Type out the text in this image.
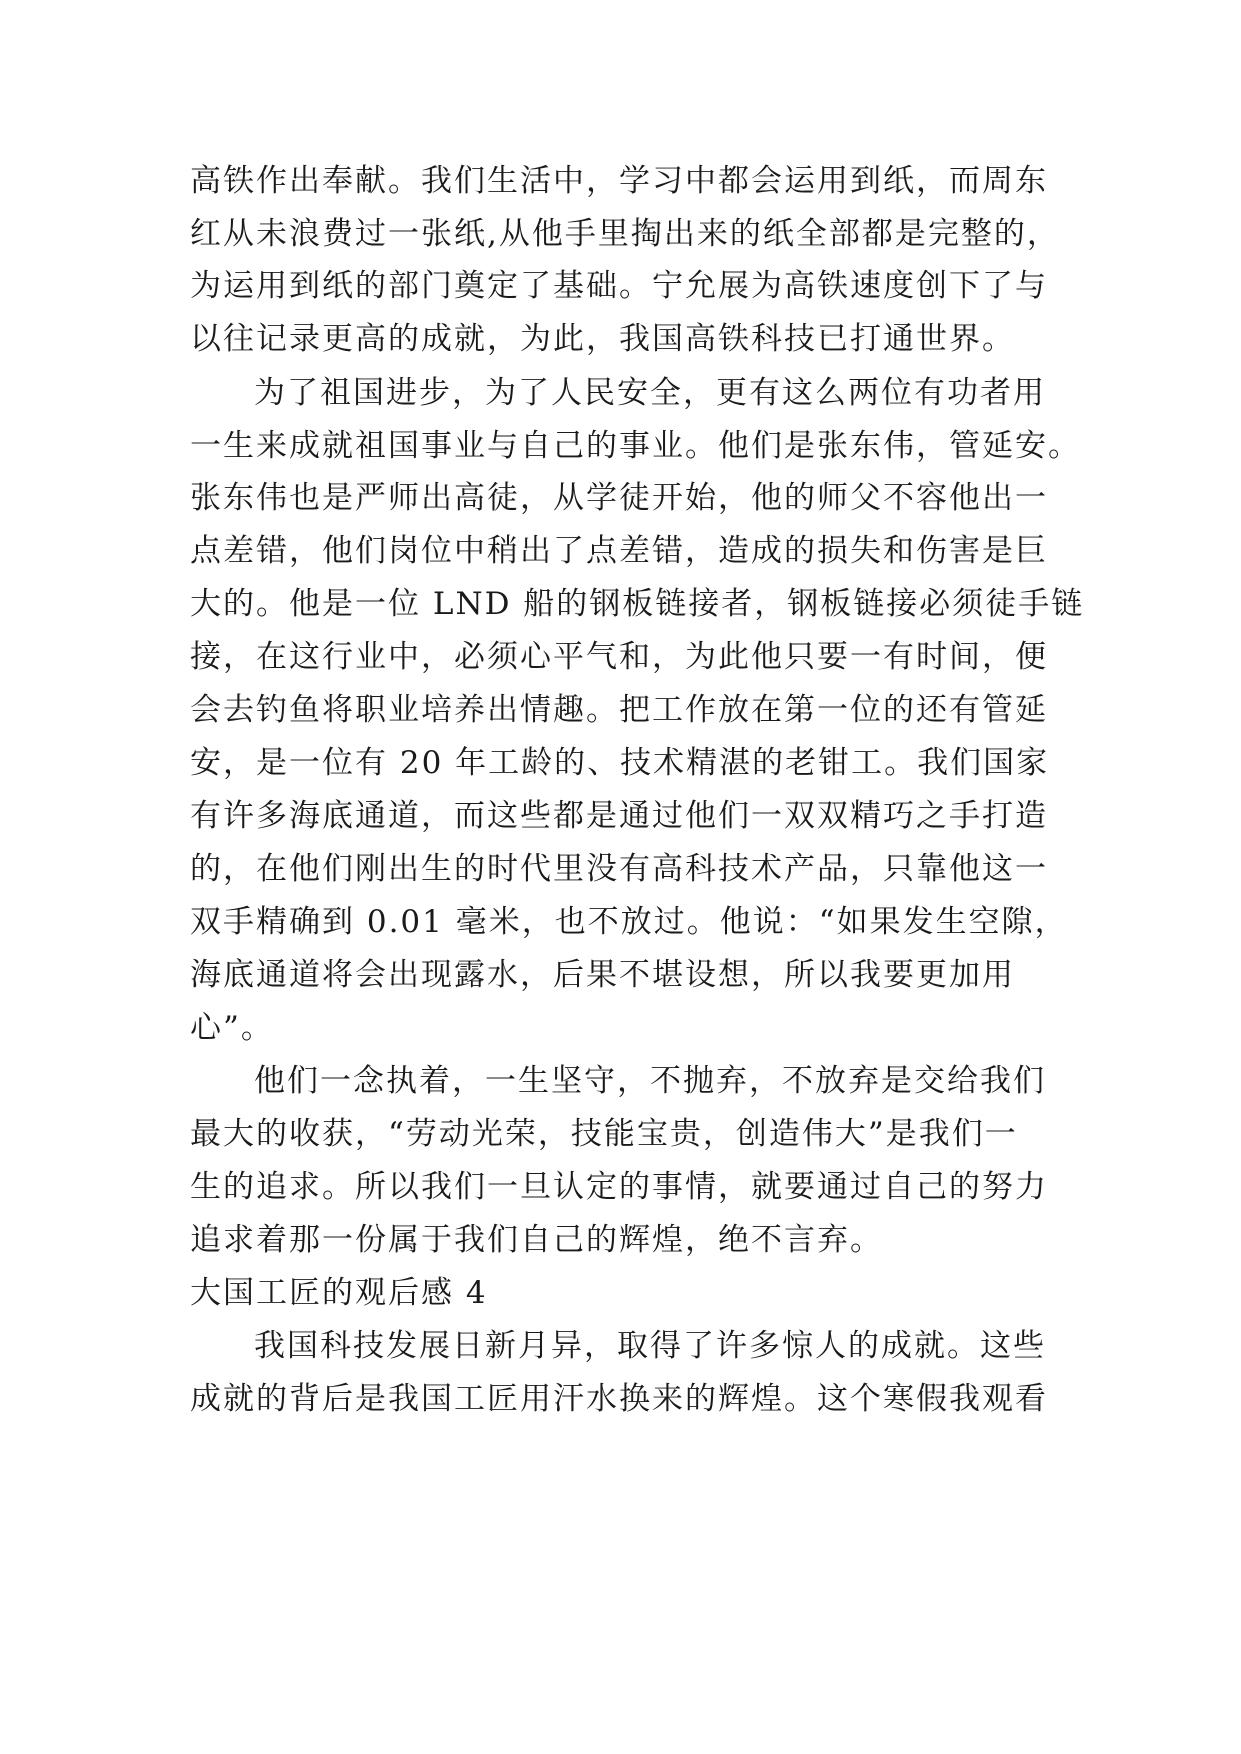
高铁作出奉献。我们生活中，学习中都会运用到纸，而周东
红从未浪费过一张纸,从他手里掏出来的纸全部都是完整的，
为运用到纸的部门奠定了基础。宁允展为高铁速度创下了与
以往记录更高的成就，为此，我国高铁科技已打通世界。
为了祖国进步，为了人民安全，更有这么两位有功者用
一生来成就祖国事业与自己的事业。他们是张东伟，管延安。
张东伟也是严师出高徒，从学徒开始，他的师父不容他出一
点差错，他们岗位中稍出了点差错，造成的损失和伤害是巨
大的。他是一位 LND 船的钢板链接者，钢板链接必须徒手链
接，在这行业中，必须心平气和，为此他只要一有时间，便
会去钓鱼将职业培养出情趣。把工作放在第一位的还有管延
安，是一位有 20 年工龄的、技术精湛的老钳工。我们国家
有许多海底通道，而这些都是通过他们一双双精巧之手打造
的，在他们刚出生的时代里没有高科技术产品，只靠他这一
双手精确到 0.01 毫米，也不放过。他说：“如果发生空隙，
海底通道将会出现露水，后果不堪设想，所以我要更加用
心”。
他们一念执着，一生坚守，不抛弃，不放弃是交给我们
最大的收获，“劳动光荣，技能宝贵，创造伟大”是我们一
生的追求。所以我们一旦认定的事情，就要通过自己的努力
追求着那一份属于我们自己的辉煌，绝不言弃。
大国工匠的观后感 4
我国科技发展日新月异，取得了许多惊人的成就。这些
成就的背后是我国工匠用汗水换来的辉煌。这个寒假我观看
